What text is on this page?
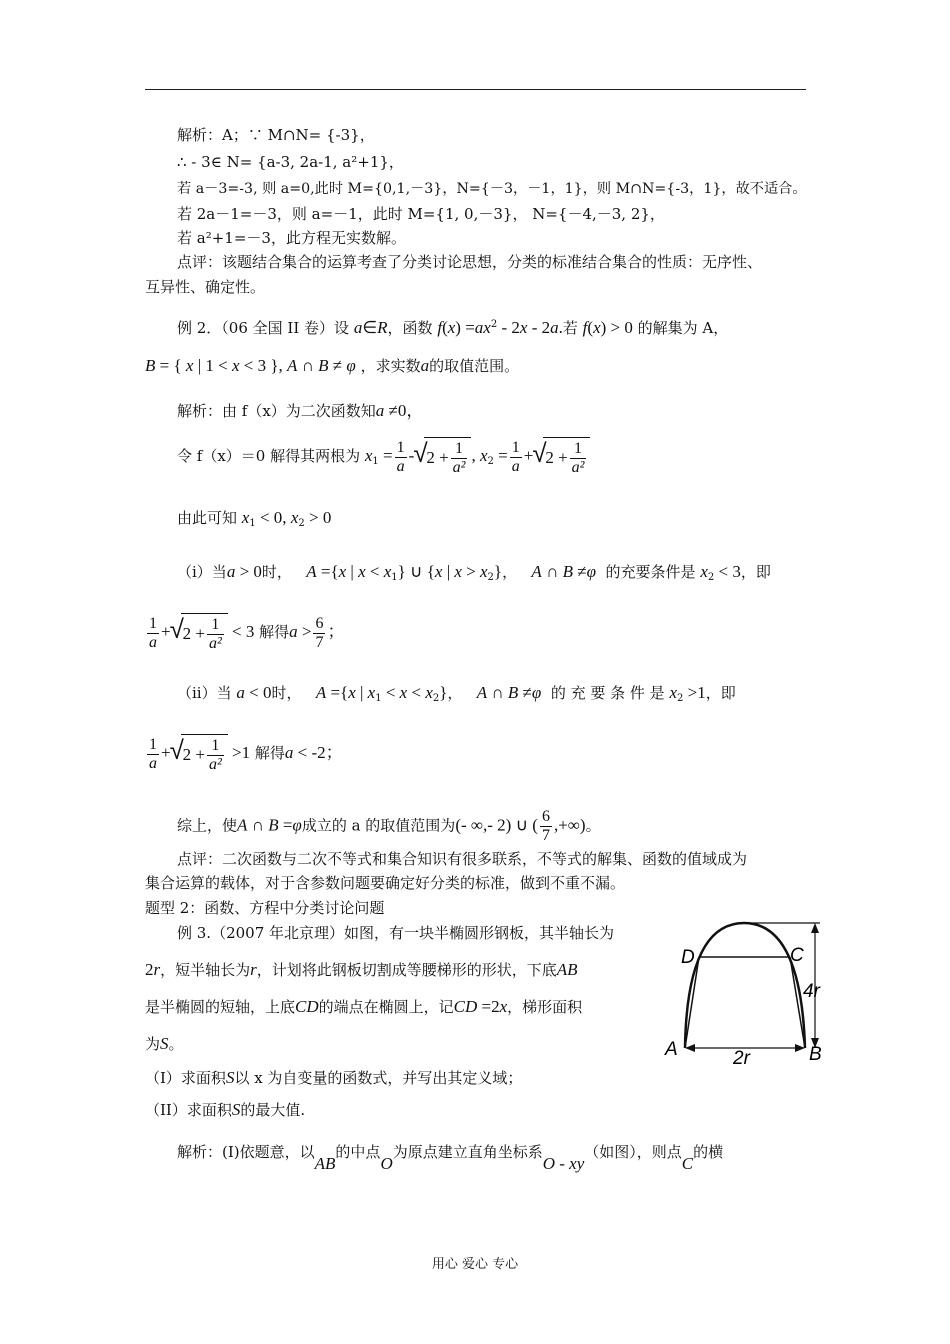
解析：A；∵ M∩N= {-3}，
∴ - 3∈ N= {a-3, 2a-1, a²+1}，
若 a－3=-3, 则 a=0,此时 M={0,1,－3}，N={－3，－1，1}，则 M∩N={-3，1}，故不适合。
若 2a－1=－3，则 a=－1，此时 M={1, 0,－3}， N={－4,－3, 2}，
若 a²+1=－3，此方程无实数解。
点评：该题结合集合的运算考查了分类讨论思想，分类的标准结合集合的性质：无序性、
互异性、确定性。
例 2．（06 全国 II 卷）设 a∈R，函数 $f(x) =ax^2 - 2x - 2a$.若 f(x) > 0 的解集为 A，
B = { x | 1 < x < 3 }, A ∩ B ≠ φ ，求实数a的取值范围。
解析：由 f（x）为二次函数知a ≠0，
令 f（x）＝0 解得其两根为 $x_1 = \frac{1}{a}$ - √ $2 + \frac{1}{\text{a²}}$ , $x_2 = \frac{1}{a}$ + √ $2 + \frac{1}{\text{a²}}$
由此可知 $x_1 < 0$, $x_2 > 0$
（i）当a > 0时， A ={x | $x < x_1$} ∪ {x | $x > x_2$}， A ∩ B ≠φ 的充要条件是 $x_2 < 3$，即
$\frac{1}{a}$ + √ $2 + \frac{1}{\text{a²}} < 3$ 解得$a > \frac{6}{7}$ ；
（ii）当 a < 0时， A ={x | $x_1 < x < x_2$}， A ∩ B ≠φ 的 充 要 条 件 是 $x_2 >1$，即
$\frac{1}{a}$ + √ $2 + \frac{1}{\text{a²}} >1$ 解得a < -2；
综上，使A ∩ B =φ成立的 a 的取值范围为(- ∞,- 2) ∪ ( $\frac{6}{7}$ ,+∞)。
点评：二次函数与二次不等式和集合知识有很多联系，不等式的解集、函数的值域成为
集合运算的载体，对于含参数问题要确定好分类的标准，做到不重不漏。
题型 2：函数、方程中分类讨论问题
例 3.（2007 年北京理）如图，有一块半椭圆形钢板，其半轴长为
2r，短半轴长为r，计划将此钢板切割成等腰梯形的形状，下底AB
是半椭圆的短轴，上底CD的端点在椭圆上，记CD =2x，梯形面积
为S。
（I）求面积S以 x 为自变量的函数式，并写出其定义域；
（II）求面积S的最大值.
解析：(I)依题意，以AB的中点O为原点建立直角坐标系O - xy（如图），则点C的横
D	C
A	B
4r
2r
用心 爱心 专心
